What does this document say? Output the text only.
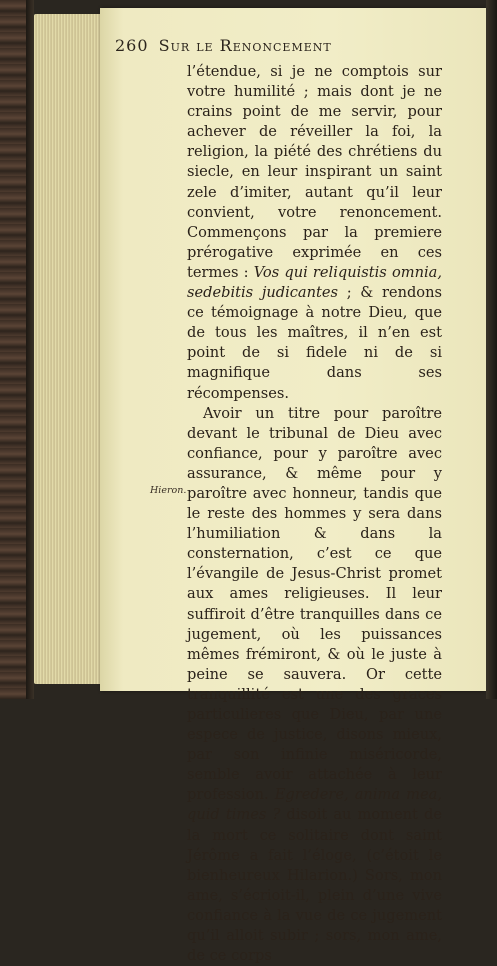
260 Sur le Renoncement
Hieron.

l’étendue, si je ne comptois sur votre humilité ; mais dont je ne crains point de me servir, pour achever de réveiller la foi, la religion, la piété des chrétiens du siecle, en leur inspirant un saint zele d’imiter, autant qu’il leur convient, votre renoncement. Commençons par la premiere prérogative exprimée en ces termes : Vos qui reliquistis omnia, sedebitis judicantes ; & rendons ce témoignage à notre Dieu, que de tous les maîtres, il n’en est point de si fidele ni de si magnifique dans ses récompenses.

Avoir un titre pour paroître devant le tribunal de Dieu avec confiance, pour y paroître avec assurance, & même pour y paroître avec honneur, tandis que le reste des hommes y sera dans l’humiliation & dans la consternation, c’est ce que l’évangile de Jesus-Christ promet aux ames religieuses. Il leur suffiroit d’être tranquilles dans ce jugement, où les puissances mêmes frémiront, & où le juste à peine se sauvera. Or cette tranquillité est une des graces particulieres que Dieu, par une espece de justice, disons mieux, par son infinie miséricorde, semble avoir attachée à leur profession. Egredere, anima mea, quid times ? disoit au moment de la mort ce solitaire dont saint Jérôme a fait l’éloge, (c’étoit le bienheureux Hilarion.) Sors, mon ame, s’écrioit-il, plein d’une vive confiance à la vue de ce jugement qu’il alloit subir ; sors, mon ame, de ce corps
